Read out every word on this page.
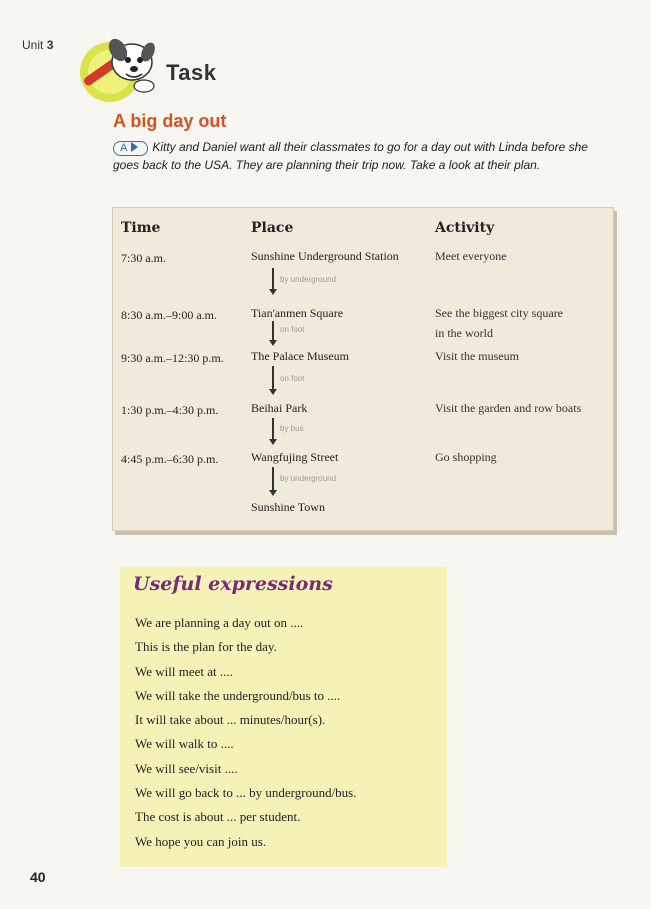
Unit 3
Task
A big day out
A Kitty and Daniel want all their classmates to go for a day out with Linda before she goes back to the USA. They are planning their trip now. Take a look at their plan.
Time	Place	Activity
7:30 a.m.	Sunshine Underground Station	Meet everyone
by underground
8:30 a.m.–9:00 a.m.	Tian'anmen Square	See the biggest city square
in the world
on foot
9:30 a.m.–12:30 p.m. The Palace Museum	Visit the museum
on foot
1:30 p.m.–4:30 p.m.	Beihai Park	Visit the garden and row boats
by bus
4:45 p.m.–6:30 p.m.	Wangfujing Street	Go shopping
by underground
Sunshine Town
Useful expressions
We are planning a day out on ....
This is the plan for the day.
We will meet at ....
We will take the underground/bus to ....
It will take about ... minutes/hour(s).
We will walk to ....
We will see/visit ....
We will go back to ... by underground/bus.
The cost is about ... per student.
We hope you can join us.
40
